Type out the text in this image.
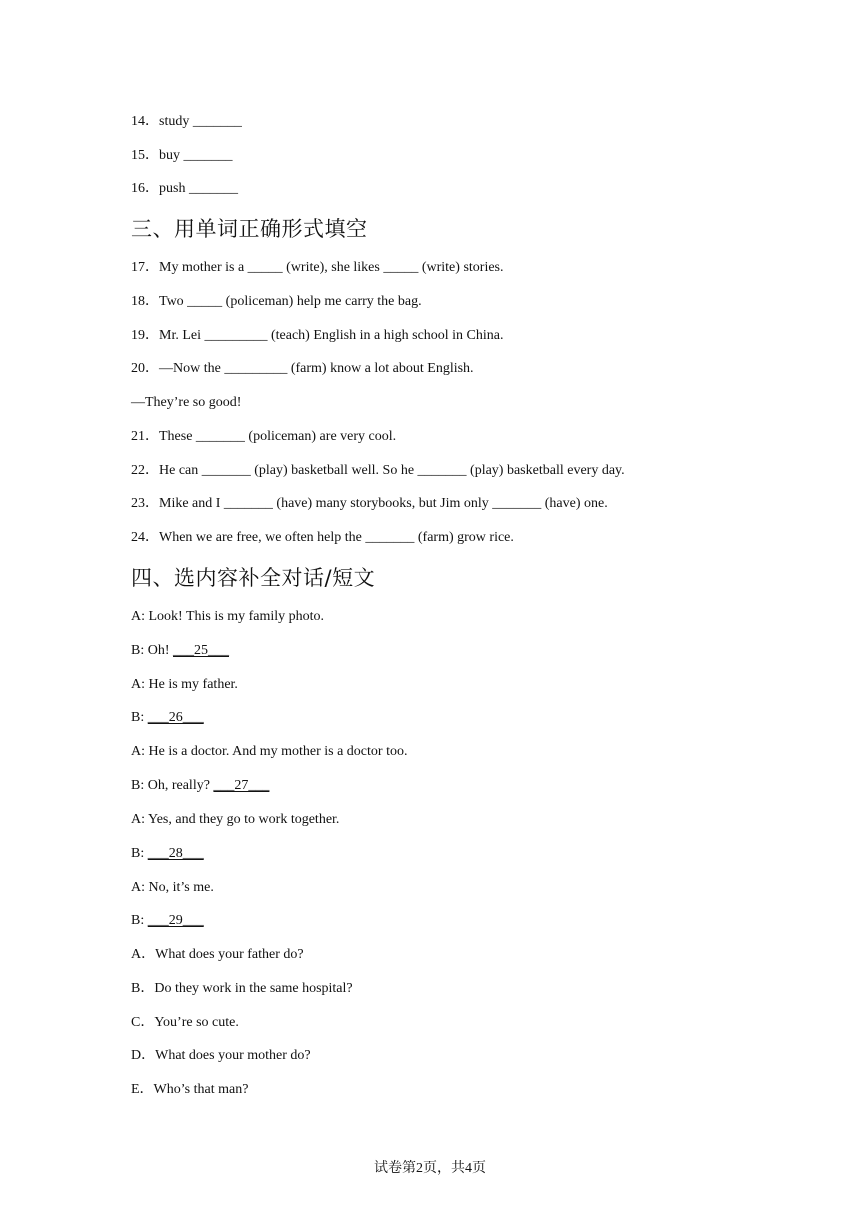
14．study _______
15．buy _______
16．push _______
三、用单词正确形式填空
17．My mother is a _____ (write), she likes _____ (write) stories.
18．Two _____ (policeman) help me carry the bag.
19．Mr. Lei _________ (teach) English in a high school in China.
20．—Now the _________ (farm) know a lot about English.
—They’re so good!
21．These _______ (policeman) are very cool.
22．He can _______ (play) basketball well. So he _______ (play) basketball every day.
23．Mike and I _______ (have) many storybooks, but Jim only _______ (have) one.
24．When we are free, we often help the _______ (farm) grow rice.
四、选内容补全对话/短文
A: Look! This is my family photo.
B: Oh! ___25___
A: He is my father.
B: ___26___
A: He is a doctor. And my mother is a doctor too.
B: Oh, really? ___27___
A: Yes, and they go to work together.
B: ___28___
A: No, it’s me.
B: ___29___
A．What does your father do?
B．Do they work in the same hospital?
C．You’re so cute.
D．What does your mother do?
E．Who’s that man?
试卷第2页，共4页
